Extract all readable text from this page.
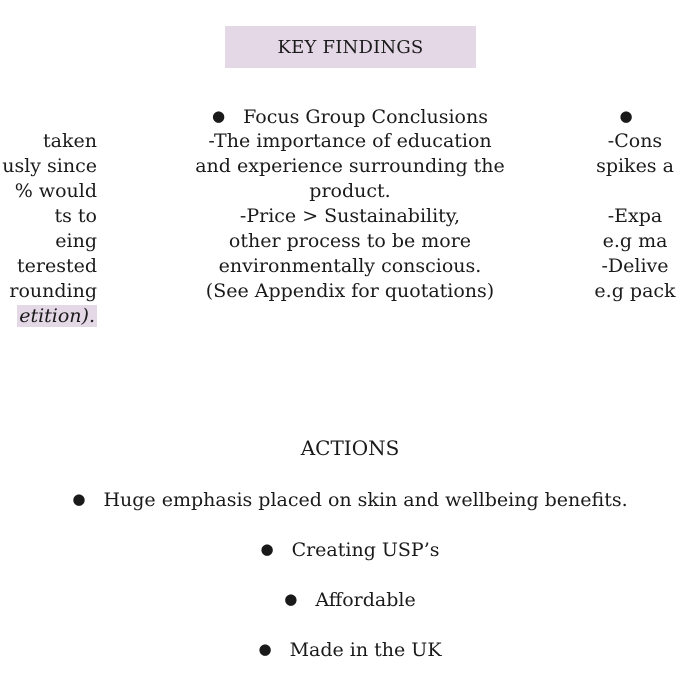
KEY FINDINGS
taken
usly since
% would
ts to
eing
terested
rounding
etition).
● Focus Group Conclusions
-The importance of education
and experience surrounding the
product.
-Price > Sustainability,
other process to be more
environmentally conscious.
(See Appendix for quotations)
●
-Cons
spikes a
-Expa
e.g ma
-Delive
e.g pack
ACTIONS
● Huge emphasis placed on skin and wellbeing benefits.
● Creating USP’s
● Affordable
● Made in the UK
